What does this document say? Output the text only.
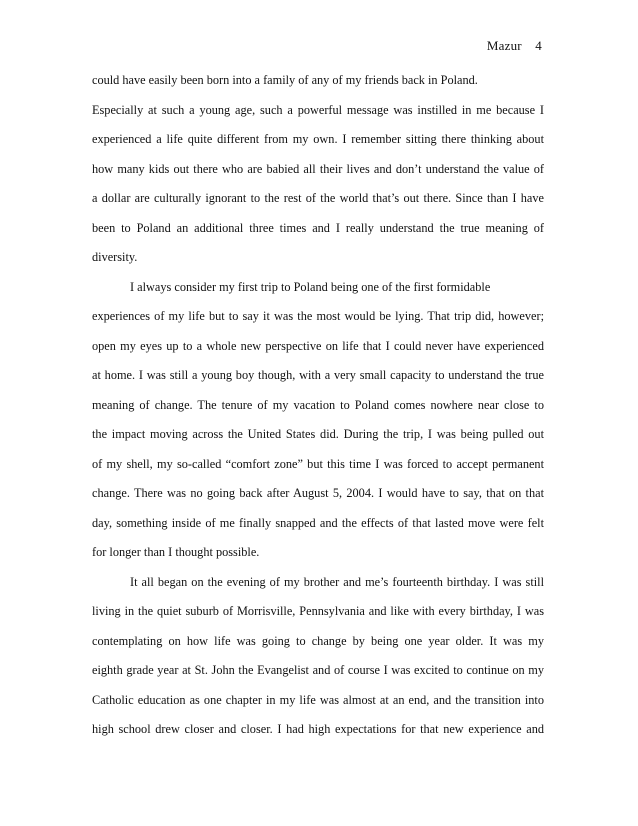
Mazur 4
could have easily been born into a family of any of my friends back in Poland.
Especially at such a young age, such a powerful message was instilled in me because I
experienced a life quite different from my own. I remember sitting there thinking about
how many kids out there who are babied all their lives and don’t understand the value of
a dollar are culturally ignorant to the rest of the world that’s out there. Since than I have
been to Poland an additional three times and I really understand the true meaning of
diversity.
I always consider my first trip to Poland being one of the first formidable
experiences of my life but to say it was the most would be lying. That trip did, however;
open my eyes up to a whole new perspective on life that I could never have experienced
at home. I was still a young boy though, with a very small capacity to understand the true
meaning of change. The tenure of my vacation to Poland comes nowhere near close to
the impact moving across the United States did. During the trip, I was being pulled out
of my shell, my so-called “comfort zone” but this time I was forced to accept permanent
change. There was no going back after August 5, 2004. I would have to say, that on that
day, something inside of me finally snapped and the effects of that lasted move were felt
for longer than I thought possible.
It all began on the evening of my brother and me’s fourteenth birthday. I was still
living in the quiet suburb of Morrisville, Pennsylvania and like with every birthday, I was
contemplating on how life was going to change by being one year older. It was my
eighth grade year at St. John the Evangelist and of course I was excited to continue on my
Catholic education as one chapter in my life was almost at an end, and the transition into
high school drew closer and closer. I had high expectations for that new experience and
